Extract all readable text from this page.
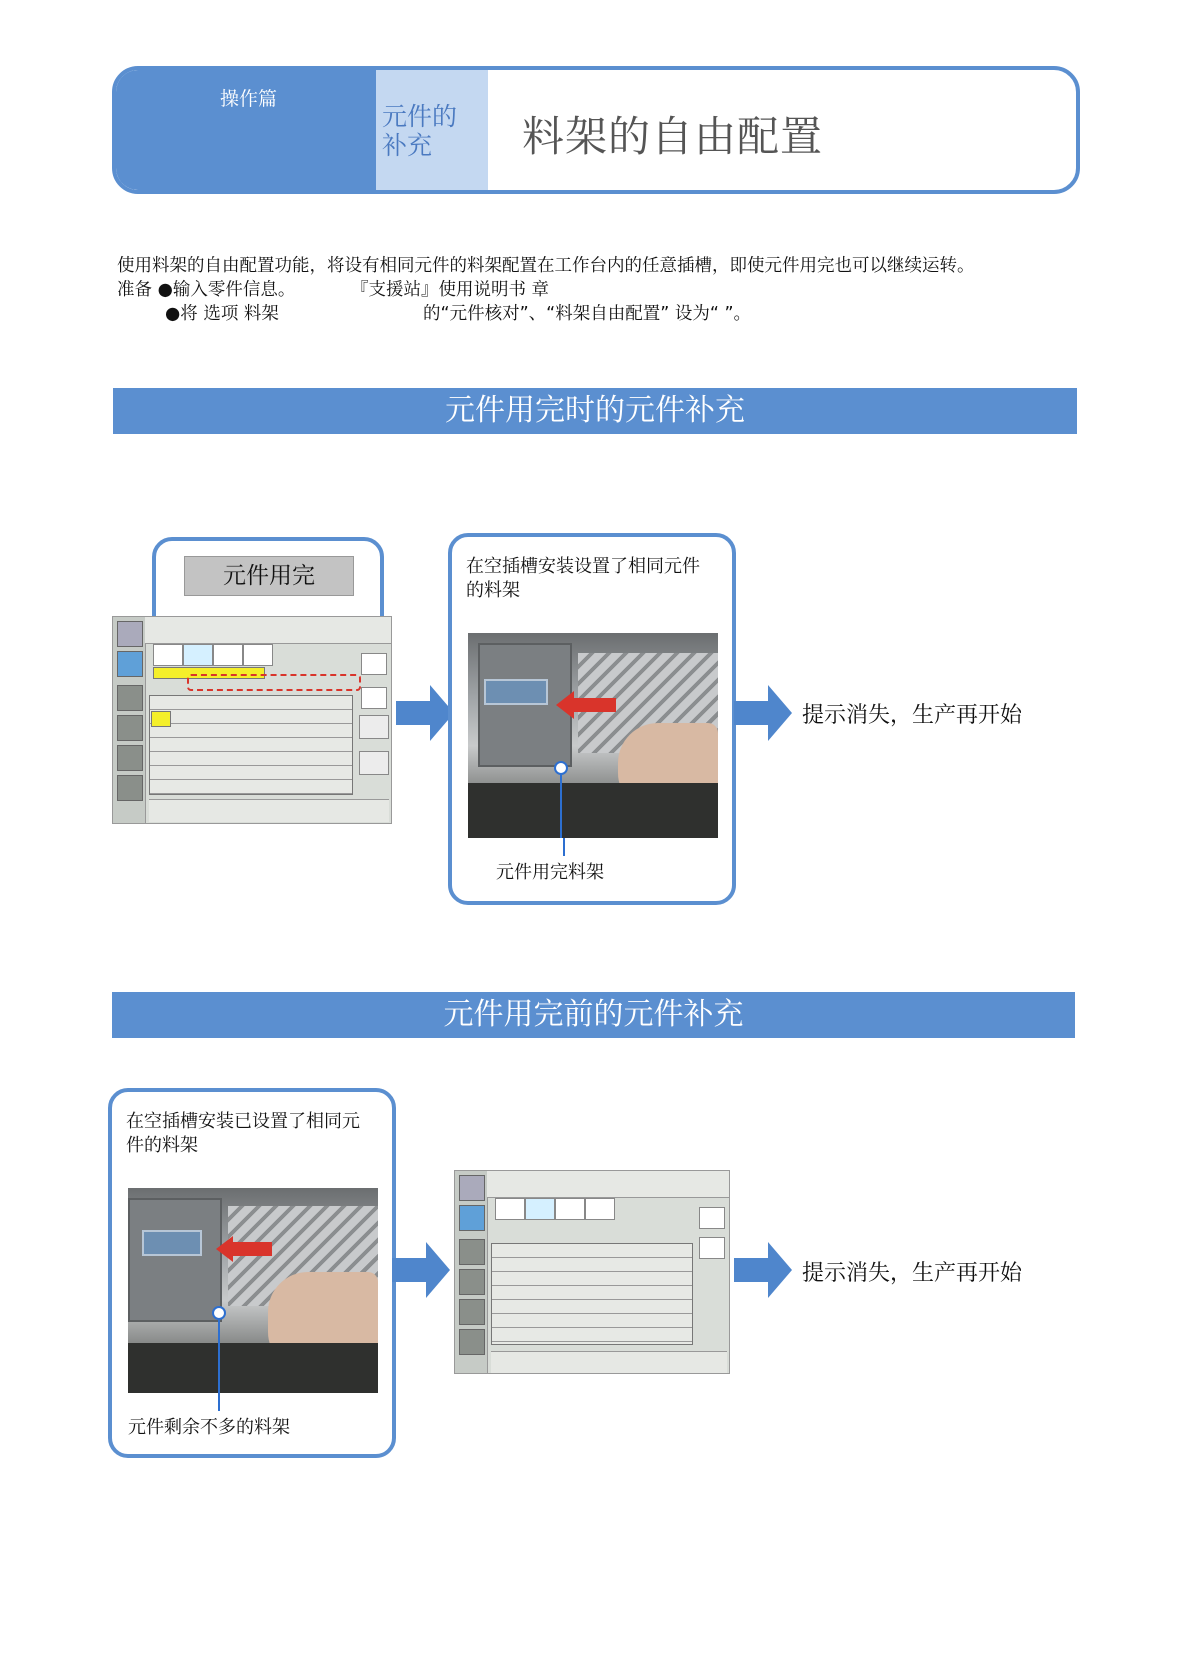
操作篇
元件的
补充	料架的自由配置
使用料架的自由配置功能，将设有相同元件的料架配置在工作台内的任意插槽，即使元件用完也可以继续运转。
准备 ●输入零件信息。	『支援站』使用说明书 章
●将 选项 料架	的“元件核对”、“料架自由配置” 设为“ ”。
元件用完时的元件补充
元件用完	在空插槽安装设置了相同元件的料架
元件用完料架
提示消失，生产再开始
元件用完前的元件补充
在空插槽安装已设置了相同元件的料架
元件剩余不多的料架
提示消失，生产再开始
